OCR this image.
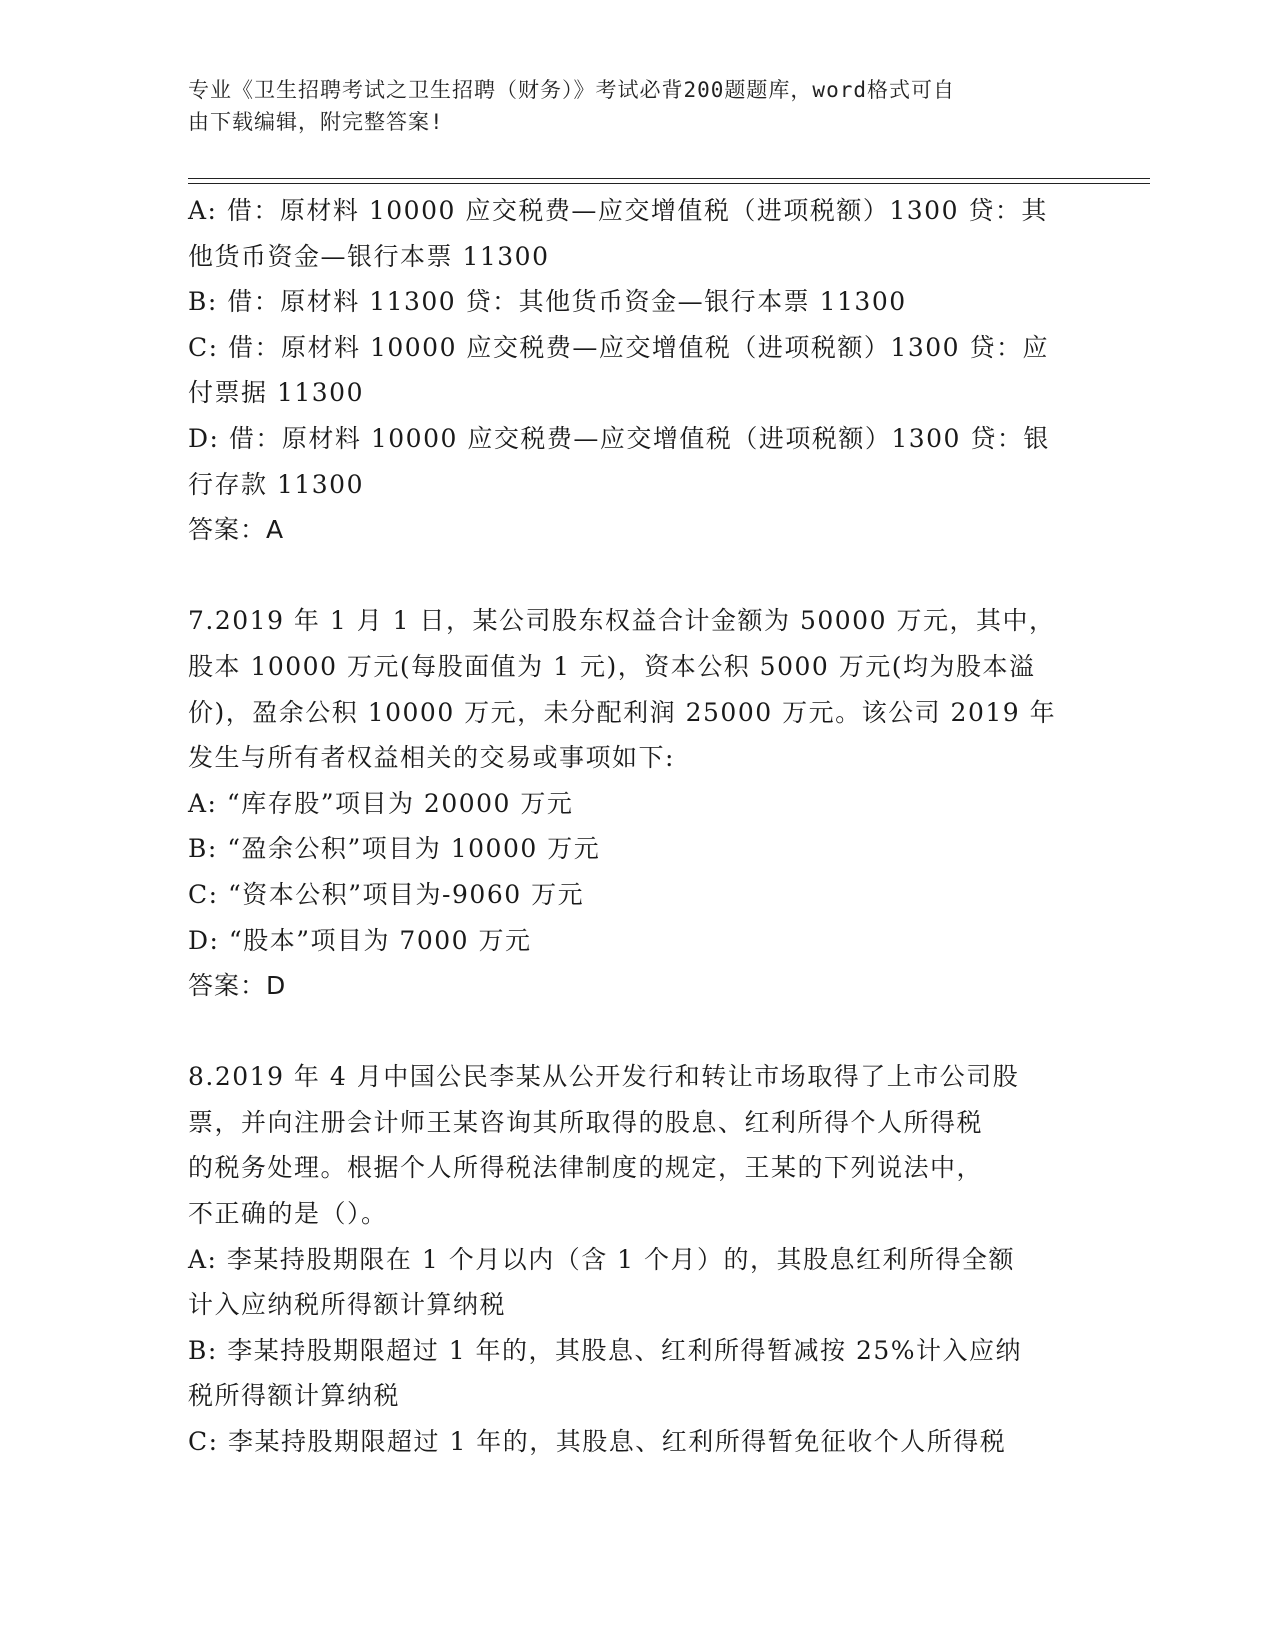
专业《卫生招聘考试之卫生招聘（财务）》考试必背200题题库，word格式可自
由下载编辑，附完整答案!
A: 借：原材料 10000 应交税费—应交增值税（进项税额）1300 贷：其
他货币资金—银行本票 11300
B: 借：原材料 11300 贷：其他货币资金—银行本票 11300
C: 借：原材料 10000 应交税费—应交增值税（进项税额）1300 贷：应
付票据 11300
D: 借：原材料 10000 应交税费—应交增值税（进项税额）1300 贷：银
行存款 11300
答案：A
7.2019 年 1 月 1 日，某公司股东权益合计金额为 50000 万元，其中，
股本 10000 万元(每股面值为 1 元)，资本公积 5000 万元(均为股本溢
价)，盈余公积 10000 万元，未分配利润 25000 万元。该公司 2019 年
发生与所有者权益相关的交易或事项如下:
A: “库存股”项目为 20000 万元
B: “盈余公积”项目为 10000 万元
C: “资本公积”项目为-9060 万元
D: “股本”项目为 7000 万元
答案：D
8.2019 年 4 月中国公民李某从公开发行和转让市场取得了上市公司股
票，并向注册会计师王某咨询其所取得的股息、红利所得个人所得税
的税务处理。根据个人所得税法律制度的规定，王某的下列说法中，
不正确的是（）。
A: 李某持股期限在 1 个月以内（含 1 个月）的，其股息红利所得全额
计入应纳税所得额计算纳税
B: 李某持股期限超过 1 年的，其股息、红利所得暂减按 25%计入应纳
税所得额计算纳税
C: 李某持股期限超过 1 年的，其股息、红利所得暂免征收个人所得税
